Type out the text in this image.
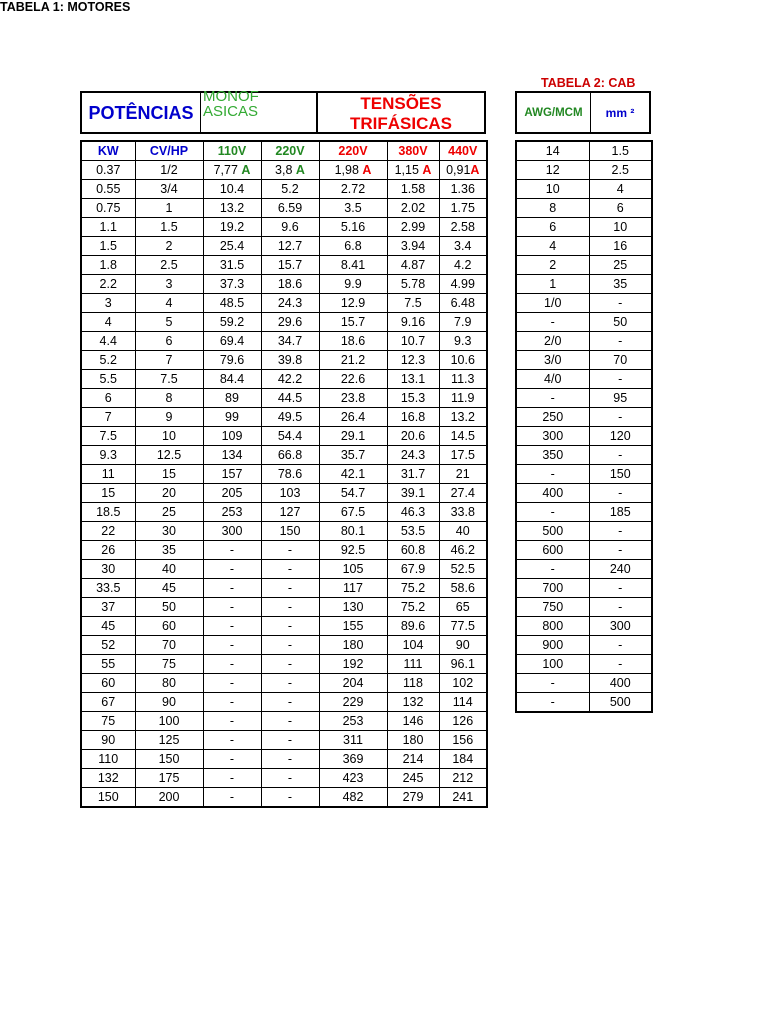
TABELA 1: MOTORES
TABELA 2: CAB
POTÊNCIAS
MONOFASICAS	TENSÕES TRIFÁSICAS
AWG/MCM	mm ²
KW	CV/HP	110V	220V	220V	380V	440V
0.37	1/2	7,77 A	3,8 A	1,98 A	1,15 A	0,91A
0.55	3/4	10.4	5.2	2.72	1.58	1.36
0.75	1	13.2	6.59	3.5	2.02	1.75
1.1	1.5	19.2	9.6	5.16	2.99	2.58
1.5	2	25.4	12.7	6.8	3.94	3.4
1.8	2.5	31.5	15.7	8.41	4.87	4.2
2.2	3	37.3	18.6	9.9	5.78	4.99
3	4	48.5	24.3	12.9	7.5	6.48
4	5	59.2	29.6	15.7	9.16	7.9
4.4	6	69.4	34.7	18.6	10.7	9.3
5.2	7	79.6	39.8	21.2	12.3	10.6
5.5	7.5	84.4	42.2	22.6	13.1	11.3
6	8	89	44.5	23.8	15.3	11.9
7	9	99	49.5	26.4	16.8	13.2
7.5	10	109	54.4	29.1	20.6	14.5
9.3	12.5	134	66.8	35.7	24.3	17.5
11	15	157	78.6	42.1	31.7	21
15	20	205	103	54.7	39.1	27.4
18.5	25	253	127	67.5	46.3	33.8
22	30	300	150	80.1	53.5	40
26	35	-	-	92.5	60.8	46.2
30	40	-	-	105	67.9	52.5
33.5	45	-	-	117	75.2	58.6
37	50	-	-	130	75.2	65
45	60	-	-	155	89.6	77.5
52	70	-	-	180	104	90
55	75	-	-	192	111	96.1
60	80	-	-	204	118	102
67	90	-	-	229	132	114
75	100	-	-	253	146	126
90	125	-	-	311	180	156
110	150	-	-	369	214	184
132	175	-	-	423	245	212
150	200	-	-	482	279	241
14	1.5
12	2.5
10	4
8	6
6	10
4	16
2	25
1	35
1/0	-
-	50
2/0	-
3/0	70
4/0	-
-	95
250	-
300	120
350	-
-	150
400	-
-	185
500	-
600	-
-	240
700	-
750	-
800	300
900	-
100	-
-	400
-	500
